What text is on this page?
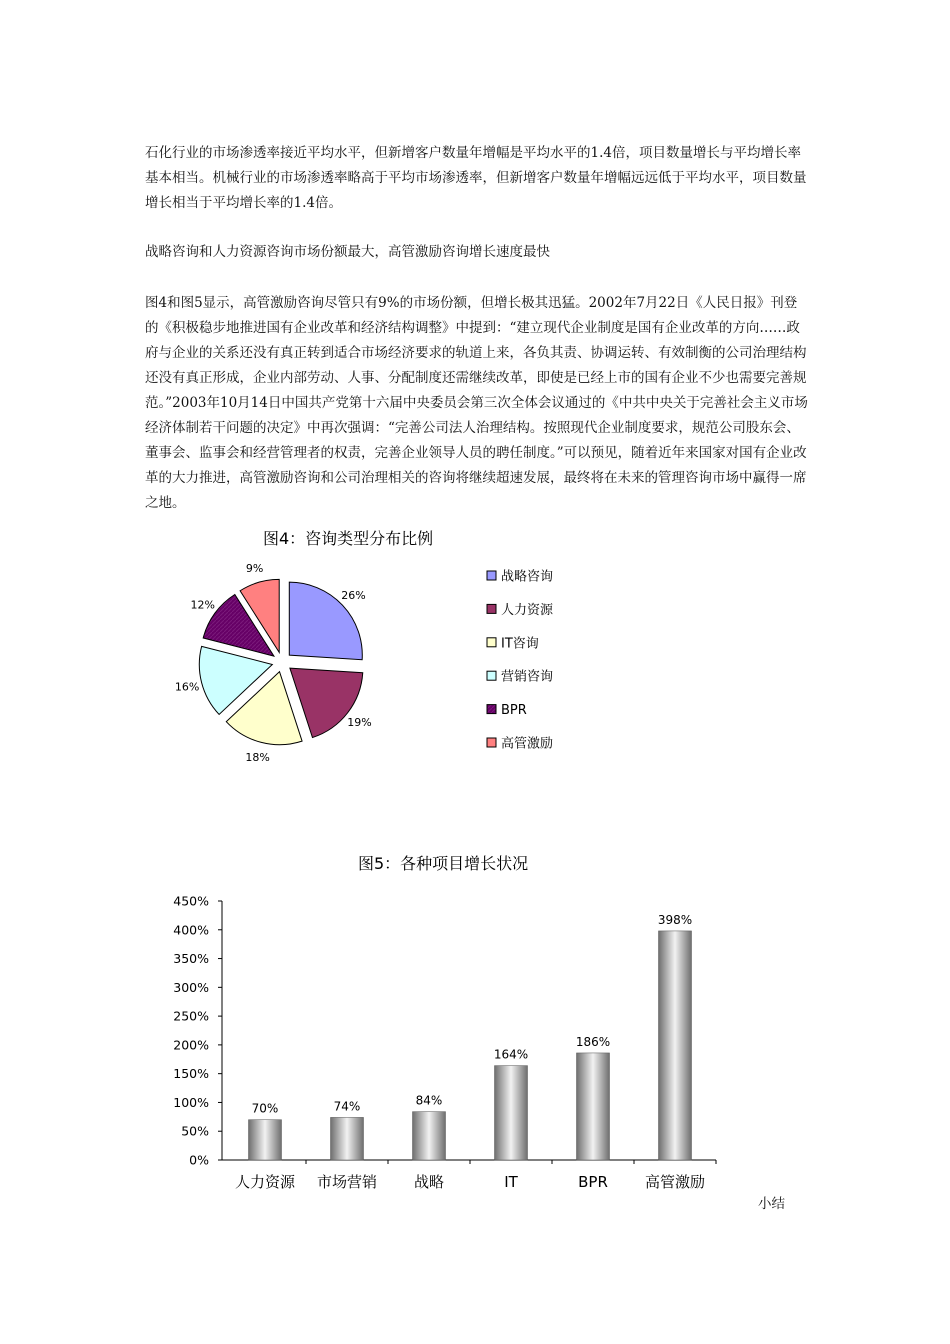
石化行业的市场渗透率接近平均水平，但新增客户数量年增幅是平均水平的1.4倍，项目数量增长与平均增长率基本相当。机械行业的市场渗透率略高于平均市场渗透率，但新增客户数量年增幅远远低于平均水平，项目数量增长相当于平均增长率的1.4倍。

战略咨询和人力资源咨询市场份额最大，高管激励咨询增长速度最快

图4和图5显示，高管激励咨询尽管只有9%的市场份额，但增长极其迅猛。2002年7月22日《人民日报》刊登的《积极稳步地推进国有企业改革和经济结构调整》中提到：“建立现代企业制度是国有企业改革的方向……政府与企业的关系还没有真正转到适合市场经济要求的轨道上来，各负其责、协调运转、有效制衡的公司治理结构还没有真正形成，企业内部劳动、人事、分配制度还需继续改革，即使是已经上市的国有企业不少也需要完善规范。”2003年10月14日中国共产党第十六届中央委员会第三次全体会议通过的《中共中央关于完善社会主义市场经济体制若干问题的决定》中再次强调：“完善公司法人治理结构。按照现代企业制度要求，规范公司股东会、董事会、监事会和经营管理者的权责，完善企业领导人员的聘任制度。”可以预见，随着近年来国家对国有企业改革的大力推进，高管激励咨询和公司治理相关的咨询将继续超速发展，最终将在未来的管理咨询市场中赢得一席之地。

图4：咨询类型分布比例
26%
19%
18%
16%
12%
9%
战略咨询
人力资源
IT咨询
营销咨询
BPR
高管激励
图5：各种项目增长状况
0%
50%
100%
150%
200%
250%
300%
350%
400%
450%
70%
人力资源
74%
市场营销
84%
战略
164%
IT
186%
BPR
398%
高管激励
小结
